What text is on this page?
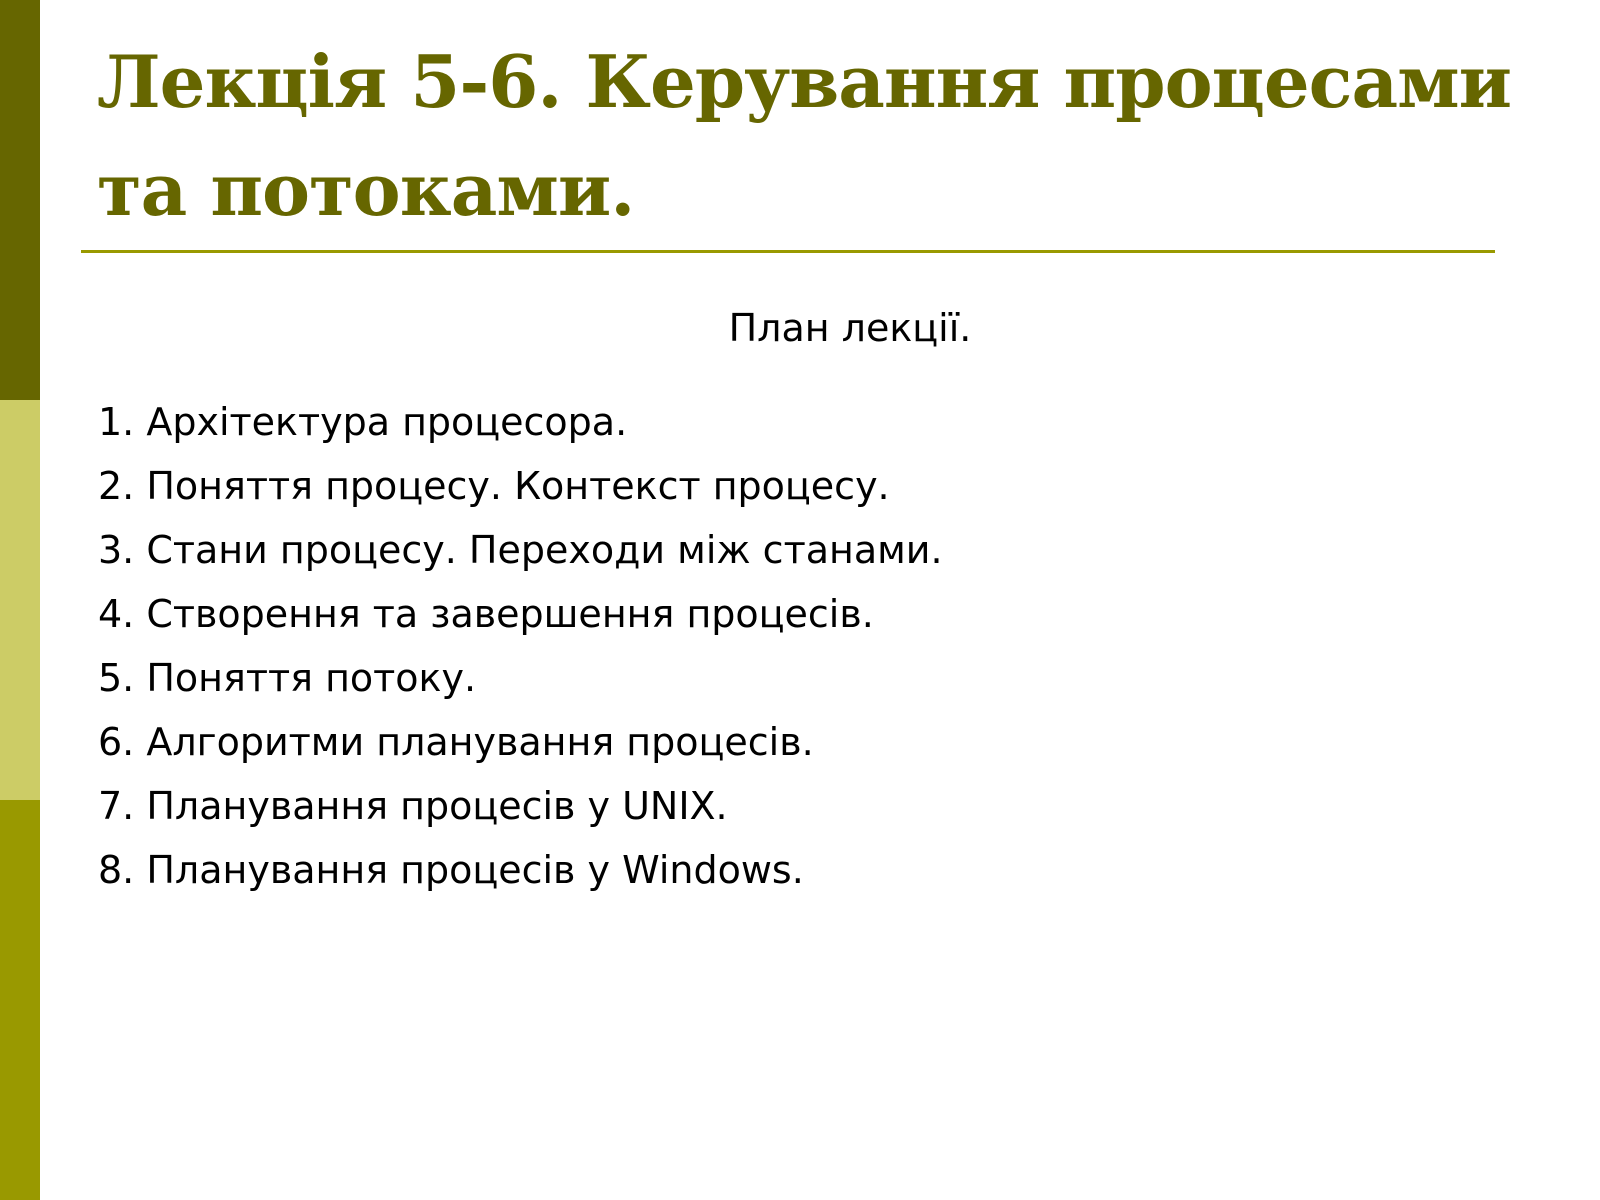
Лекція 5-6. Керування процесами та потоками.

План лекції.

1. Архітектура процесора.
2. Поняття процесу. Контекст процесу.
3. Стани процесу. Переходи між станами.
4. Створення та завершення процесів.
5. Поняття потоку.
6. Алгоритми планування процесів.
7. Планування процесів у UNIX.
8. Планування процесів у Windows.
